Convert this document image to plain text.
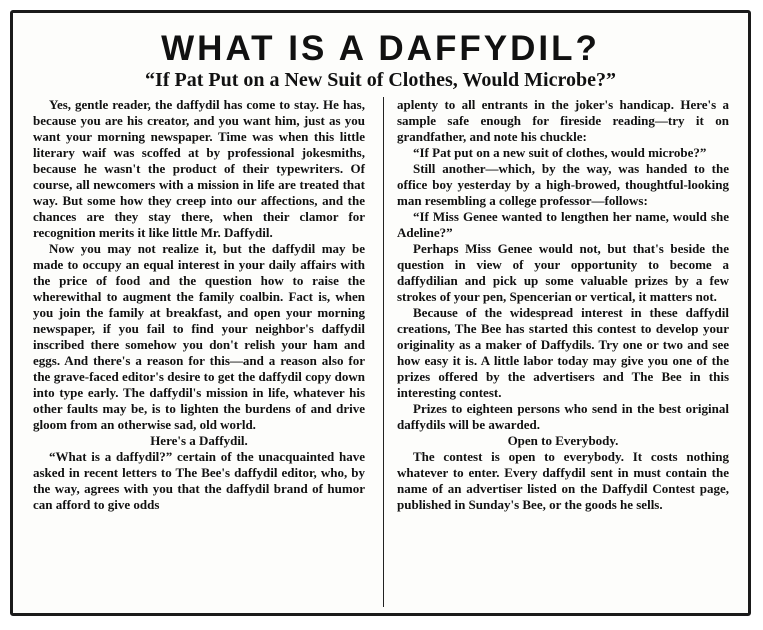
WHAT IS A DAFFYDIL?
“If Pat Put on a New Suit of Clothes, Would Microbe?”

Yes, gentle reader, the daffydil has come to stay. He has, because you are his creator, and you want him, just as you want your morning newspaper. Time was when this little literary waif was scoffed at by professional jokesmiths, because he wasn't the product of their typewriters. Of course, all newcomers with a mission in life are treated that way. But some how they creep into our affections, and the chances are they stay there, when their clamor for recognition merits it like little Mr. Daffydil.

Now you may not realize it, but the daffydil may be made to occupy an equal interest in your daily affairs with the price of food and the question how to raise the wherewithal to augment the family coalbin. Fact is, when you join the family at breakfast, and open your morning newspaper, if you fail to find your neighbor's daffydil inscribed there somehow you don't relish your ham and eggs. And there's a reason for this—and a reason also for the grave-faced editor's desire to get the daffydil copy down into type early. The daffydil's mission in life, whatever his other faults may be, is to lighten the burdens of and drive gloom from an otherwise sad, old world.

Here's a Daffydil.

“What is a daffydil?” certain of the unacquainted have asked in recent letters to The Bee's daffydil editor, who, by the way, agrees with you that the daffydil brand of humor can afford to give odds

aplenty to all entrants in the joker's handicap. Here's a sample safe enough for fireside reading—try it on grandfather, and note his chuckle:

“If Pat put on a new suit of clothes, would microbe?”

Still another—which, by the way, was handed to the office boy yesterday by a high-browed, thoughtful-looking man resembling a college professor—follows:

“If Miss Genee wanted to lengthen her name, would she Adeline?”

Perhaps Miss Genee would not, but that's beside the question in view of your opportunity to become a daffydilian and pick up some valuable prizes by a few strokes of your pen, Spencerian or vertical, it matters not.

Because of the widespread interest in these daffydil creations, The Bee has started this contest to develop your originality as a maker of Daffydils. Try one or two and see how easy it is. A little labor today may give you one of the prizes offered by the advertisers and The Bee in this interesting contest.

Prizes to eighteen persons who send in the best original daffydils will be awarded.

Open to Everybody.

The contest is open to everybody. It costs nothing whatever to enter. Every daffydil sent in must contain the name of an advertiser listed on the Daffydil Contest page, published in Sunday's Bee, or the goods he sells.
